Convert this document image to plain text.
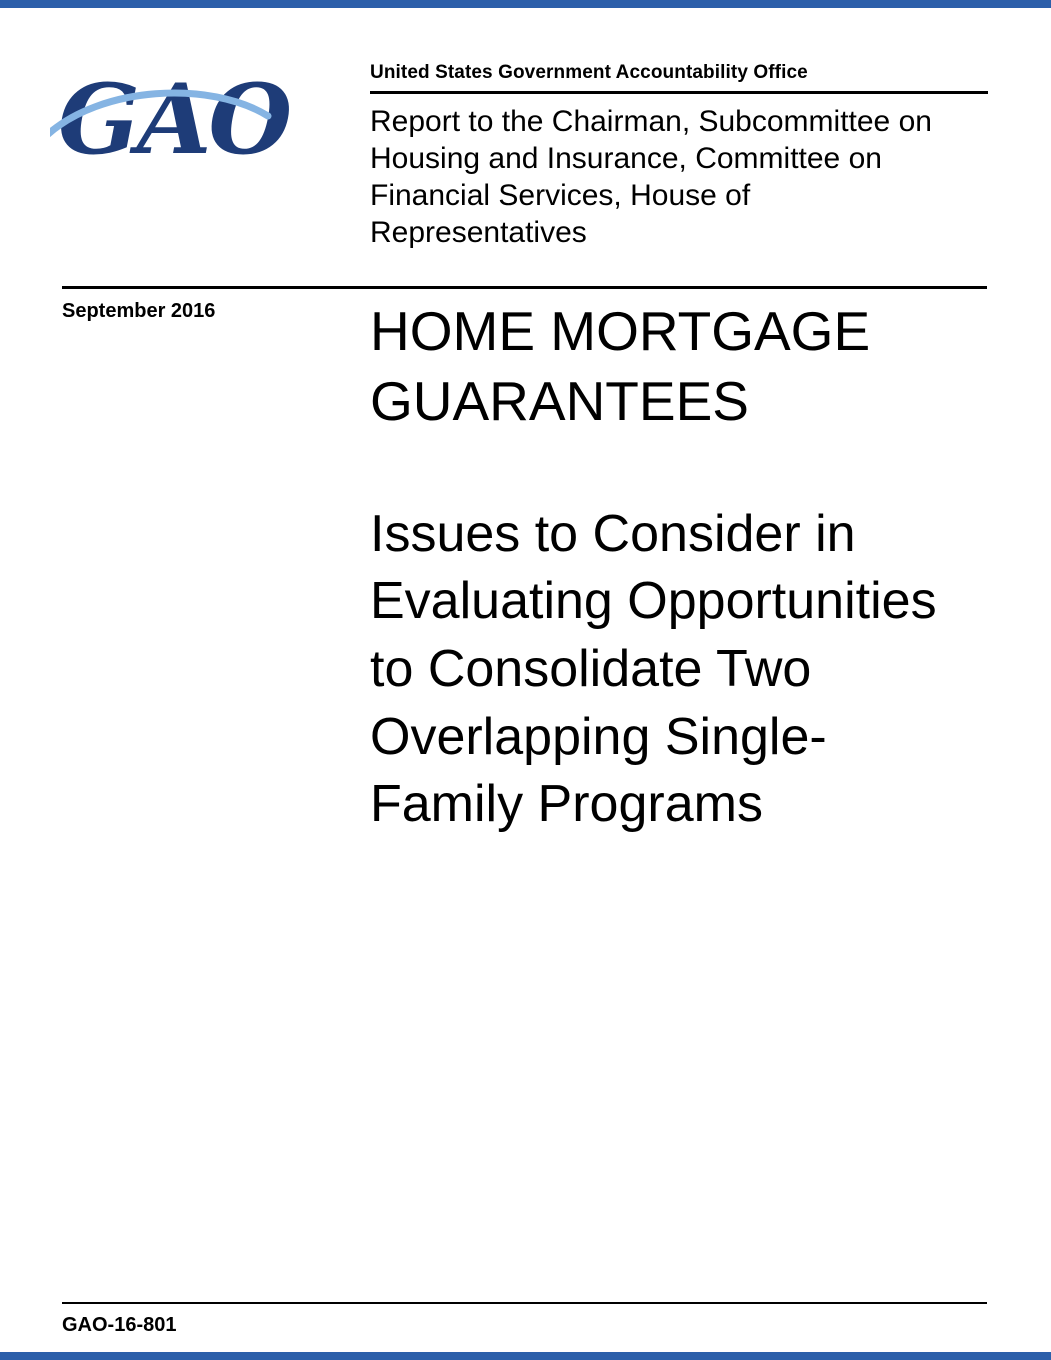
GAO	United States Government Accountability Office
Report to the Chairman, Subcommittee on Housing and Insurance, Committee on Financial Services, House of Representatives
September 2016	HOME MORTGAGE GUARANTEES
Issues to Consider in Evaluating Opportunities to Consolidate Two Overlapping Single-Family Programs
GAO-16-801
